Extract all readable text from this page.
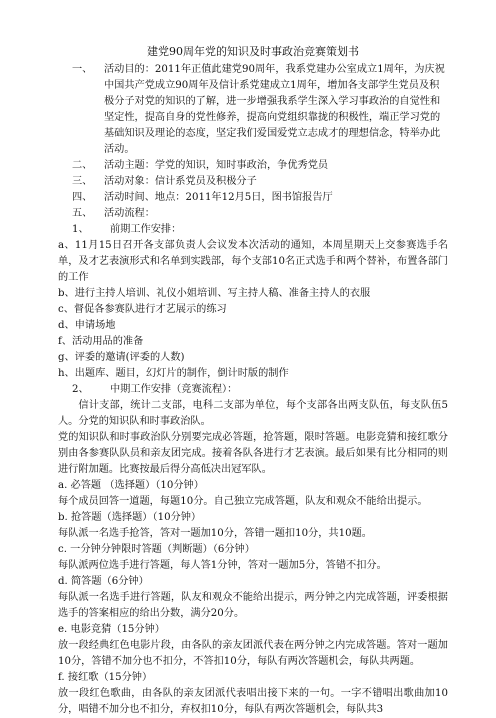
建党90周年党的知识及时事政治竞赛策划书
一、	活动目的：2011年正值此建党90周年，我系党建办公室成立1周年，为庆祝中国共产党成立90周年及信计系党建成立1周年，增加各支部学生党员及积极分子对党的知识的了解，进一步增强我系学生深入学习事政治的自觉性和坚定性，提高自身的党性修养，提高向党组织靠拢的积极性，端正学习党的基础知识及理论的态度，坚定我们爱国爱党立志成才的理想信念，特举办此活动。
二、	活动主题：学党的知识，知时事政治，争优秀党员
三、	活动对象：信计系党员及积极分子
四、	活动时间、地点：2011年12月5日，图书馆报告厅
五、	活动流程：
1、	前期工作安排：

a、11月15日召开各支部负责人会议发本次活动的通知，本周星期天上交参赛选手名单，及才艺表演形式和名单到实践部，每个支部10名正式选手和两个替补，布置各部门的工作

b、进行主持人培训、礼仪小姐培训、写主持人稿、准备主持人的衣服

c、督促各参赛队进行才艺展示的练习

d、申请场地

f、活动用品的准备

g、评委的邀请(评委的人数)

h、出题库、题目，幻灯片的制作，倒计时版的制作

2、	中期工作安排（竞赛流程）：

信计支部，统计二支部，电科二支部为单位，每个支部各出两支队伍，每支队伍5人。分党的知识队和时事政治队。

党的知识队和时事政治队分别要完成必答题，抢答题，限时答题。电影竞猜和接红歌分别由各参赛队队员和亲友团完成。接着各队各进行才艺表演。最后如果有比分相同的则进行附加题。比赛按最后得分高低决出冠军队。

a. 必答题 （选择题）（10分钟）

每个成员回答一道题，每题10分。自己独立完成答题，队友和观众不能给出提示。

b. 抢答题（选择题）（10分钟）

每队派一名选手抢答，答对一题加10分，答错一题扣10分，共10题。

c. 一分钟分钟限时答题（判断题）（6分钟）

每队派两位选手进行答题，每人答1分钟，答对一题加5分，答错不扣分。

d. 简答题（6分钟）

每队派一名选手进行答题，队友和观众不能给出提示，两分钟之内完成答题，评委根据选手的答案相应的给出分数，满分20分。

e. 电影竞猜（15分钟）

放一段经典红色电影片段，由各队的亲友团派代表在两分钟之内完成答题。答对一题加10分，答错不加分也不扣分，不答扣10分，每队有两次答题机会，每队共两题。

f. 接红歌（15分钟）

放一段红色歌曲，由各队的亲友团派代表唱出接下来的一句。一字不错唱出歌曲加10分，唱错不加分也不扣分，弃权扣10分，每队有两次答题机会，每队共3
